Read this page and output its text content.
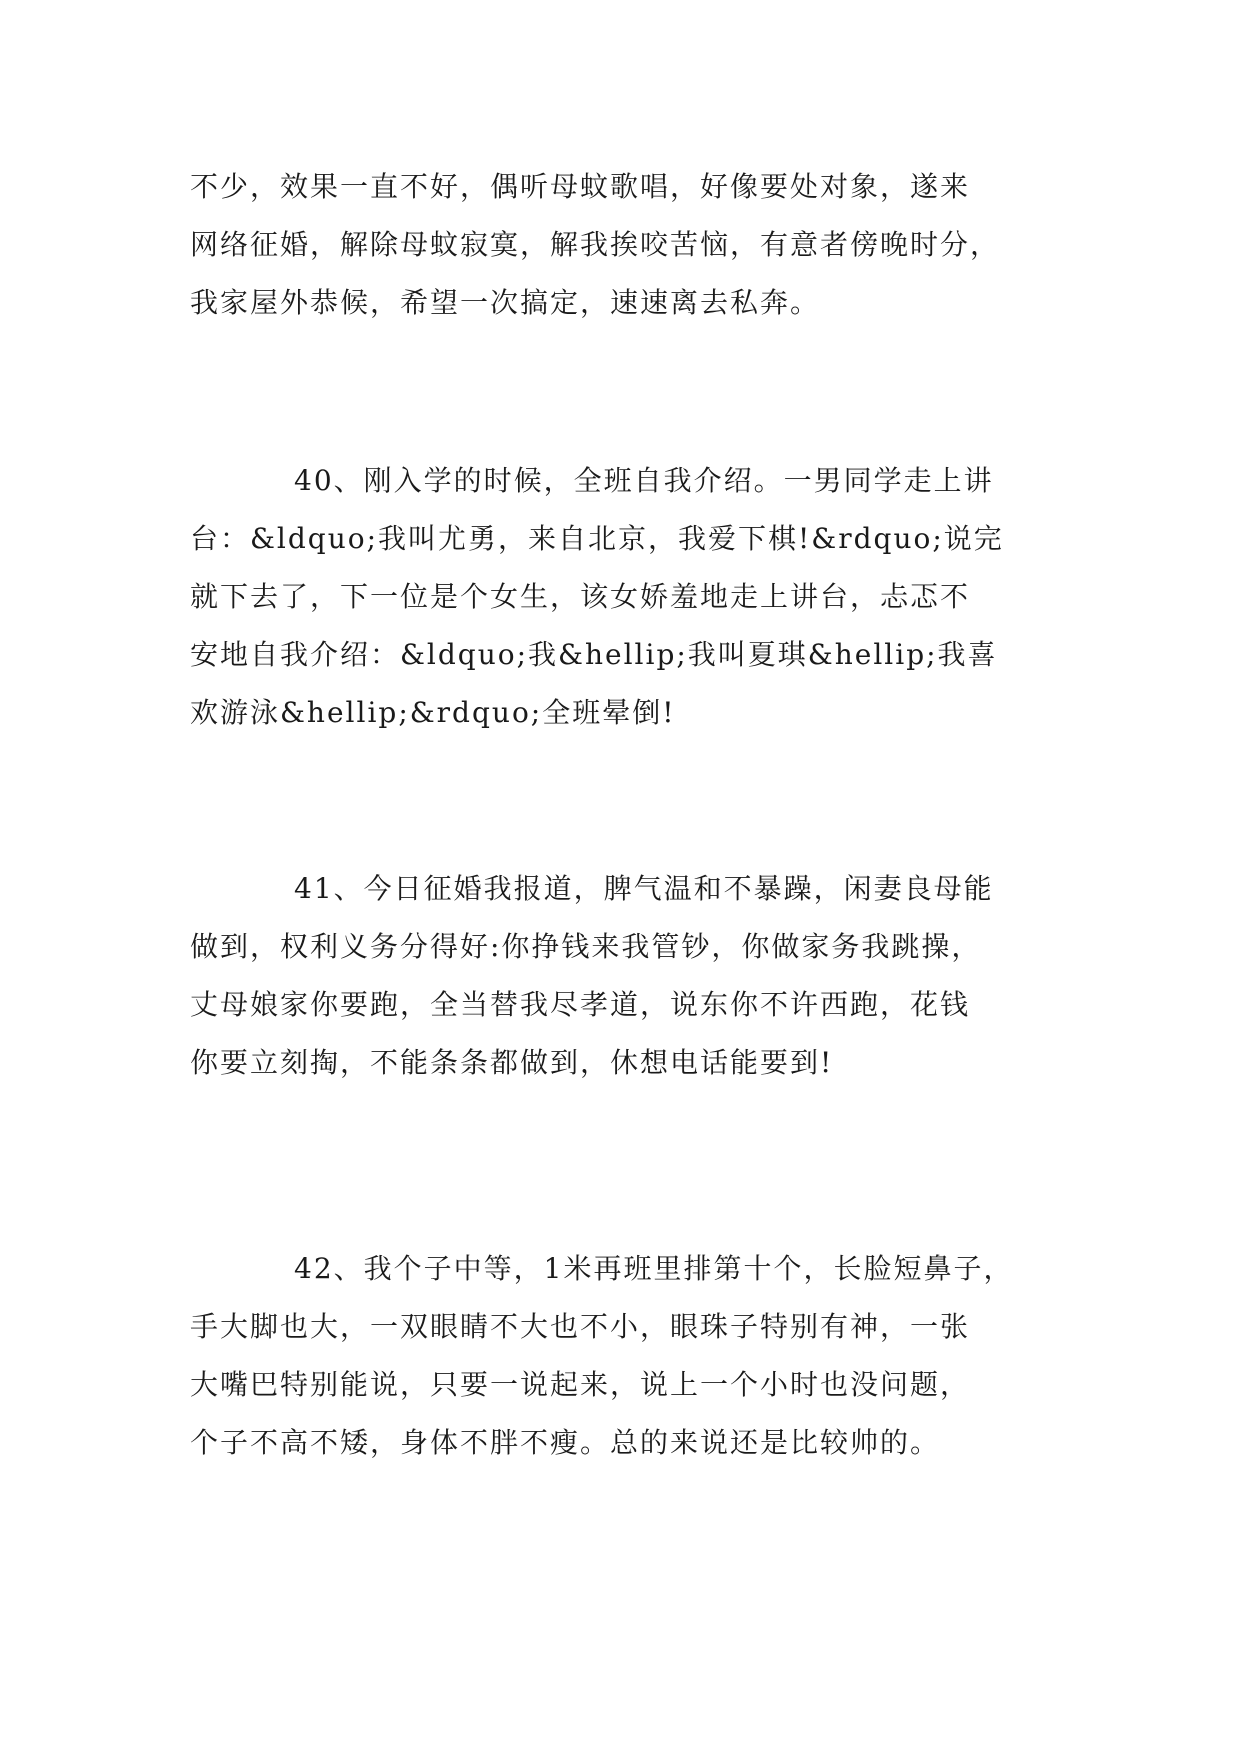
不少，效果一直不好，偶听母蚊歌唱，好像要处对象，遂来
网络征婚，解除母蚊寂寞，解我挨咬苦恼，有意者傍晚时分，
我家屋外恭候，希望一次搞定，速速离去私奔。

40、刚入学的时候，全班自我介绍。一男同学走上讲
台：&ldquo;我叫尤勇，来自北京，我爱下棋!&rdquo;说完
就下去了，下一位是个女生，该女娇羞地走上讲台，忐忑不
安地自我介绍：&ldquo;我&hellip;我叫夏琪&hellip;我喜
欢游泳&hellip;&rdquo;全班晕倒!

41、今日征婚我报道，脾气温和不暴躁，闲妻良母能
做到，权利义务分得好:你挣钱来我管钞，你做家务我跳操，
丈母娘家你要跑，全当替我尽孝道，说东你不许西跑，花钱
你要立刻掏，不能条条都做到，休想电话能要到!

42、我个子中等，1米再班里排第十个，长脸短鼻子，
手大脚也大，一双眼睛不大也不小，眼珠子特别有神，一张
大嘴巴特别能说，只要一说起来，说上一个小时也没问题，
个子不高不矮，身体不胖不瘦。总的来说还是比较帅的。
